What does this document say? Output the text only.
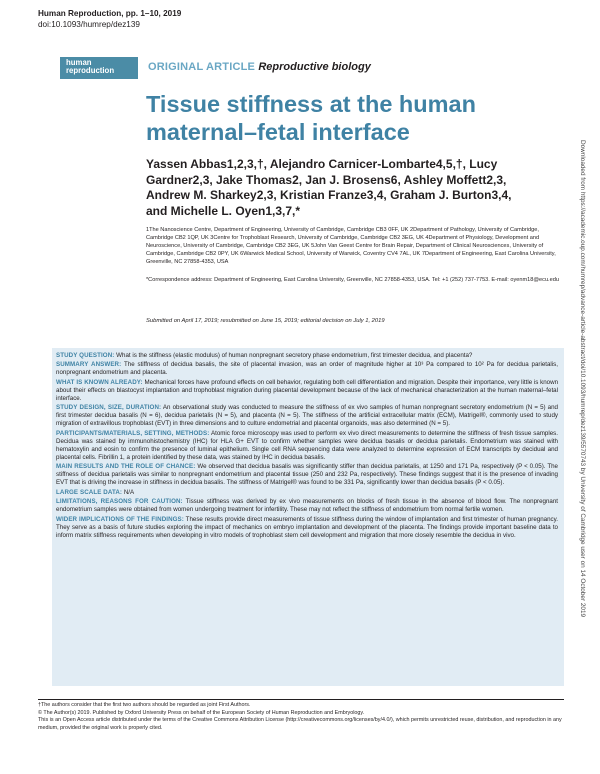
Human Reproduction, pp. 1–10, 2019
doi:10.1093/humrep/dez139
human
reproduction	ORIGINAL ARTICLE Reproductive biology
Tissue stiffness at the human maternal–fetal interface
Yassen Abbas1,2,3,†, Alejandro Carnicer-Lombarte4,5,†, Lucy Gardner2,3, Jake Thomas2, Jan J. Brosens6, Ashley Moffett2,3, Andrew M. Sharkey2,3, Kristian Franze3,4, Graham J. Burton3,4, and Michelle L. Oyen1,3,7,*
1The Nanoscience Centre, Department of Engineering, University of Cambridge, Cambridge CB3 0FF, UK 2Department of Pathology, University of Cambridge, Cambridge CB2 1QP, UK 3Centre for Trophoblast Research, University of Cambridge, Cambridge CB2 3EG, UK 4Department of Physiology, Development and Neuroscience, University of Cambridge, Cambridge CB2 3EG, UK 5John Van Geest Centre for Brain Repair, Department of Clinical Neurosciences, University of Cambridge, Cambridge CB2 0PY, UK 6Warwick Medical School, University of Warwick, Coventry CV4 7AL, UK 7Department of Engineering, East Carolina University, Greenville, NC 27858-4353, USA
*Correspondence address: Department of Engineering, East Carolina University, Greenville, NC 27858-4353, USA. Tel: +1 (252) 737-7753. E-mail: oyenm18@ecu.edu
Submitted on April 17, 2019; resubmitted on June 15, 2019; editorial decision on July 1, 2019

STUDY QUESTION: What is the stiffness (elastic modulus) of human nonpregnant secretory phase endometrium, first trimester decidua, and placenta?

SUMMARY ANSWER: The stiffness of decidua basalis, the site of placental invasion, was an order of magnitude higher at 10³ Pa compared to 10² Pa for decidua parietalis, nonpregnant endometrium and placenta.

WHAT IS KNOWN ALREADY: Mechanical forces have profound effects on cell behavior, regulating both cell differentiation and migration. Despite their importance, very little is known about their effects on blastocyst implantation and trophoblast migration during placental development because of the lack of mechanical characterization at the human maternal–fetal interface.

STUDY DESIGN, SIZE, DURATION: An observational study was conducted to measure the stiffness of ex vivo samples of human nonpregnant secretory endometrium (N = 5) and first trimester decidua basalis (N = 6), decidua parietalis (N = 5), and placenta (N = 5). The stiffness of the artificial extracellular matrix (ECM), Matrigel®, commonly used to study migration of extravillous trophoblast (EVT) in three dimensions and to culture endometrial and placental organoids, was also determined (N = 5).

PARTICIPANTS/MATERIALS, SETTING, METHODS: Atomic force microscopy was used to perform ex vivo direct measurements to determine the stiffness of fresh tissue samples. Decidua was stained by immunohistochemistry (IHC) for HLA G+ EVT to confirm whether samples were decidua basalis or decidua parietalis. Endometrium was stained with hematoxylin and eosin to confirm the presence of luminal epithelium. Single cell RNA sequencing data were analyzed to determine expression of ECM transcripts by decidual and placental cells. Fibrillin 1, a protein identified by these data, was stained by IHC in decidua basalis.

MAIN RESULTS AND THE ROLE OF CHANCE: We observed that decidua basalis was significantly stiffer than decidua parietalis, at 1250 and 171 Pa, respectively (P < 0.05). The stiffness of decidua parietalis was similar to nonpregnant endometrium and placental tissue (250 and 232 Pa, respectively). These findings suggest that it is the presence of invading EVT that is driving the increase in stiffness in decidua basalis. The stiffness of Matrigel® was found to be 331 Pa, significantly lower than decidua basalis (P < 0.05).

LARGE SCALE DATA: N/A

LIMITATIONS, REASONS FOR CAUTION: Tissue stiffness was derived by ex vivo measurements on blocks of fresh tissue in the absence of blood flow. The nonpregnant endometrium samples were obtained from women undergoing treatment for infertility. These may not reflect the stiffness of endometrium from normal fertile women.

WIDER IMPLICATIONS OF THE FINDINGS: These results provide direct measurements of tissue stiffness during the window of implantation and first trimester of human pregnancy. They serve as a basis of future studies exploring the impact of mechanics on embryo implantation and development of the placenta. The findings provide important baseline data to inform matrix stiffness requirements when developing in vitro models of trophoblast stem cell development and migration that more closely resemble the decidua in vivo.

†The authors consider that the first two authors should be regarded as joint First Authors.
© The Author(s) 2019. Published by Oxford University Press on behalf of the European Society of Human Reproduction and Embryology.
This is an Open Access article distributed under the terms of the Creative Commons Attribution License (http://creativecommons.org/licenses/by/4.0/), which permits unrestricted reuse, distribution, and reproduction in any medium, provided the original work is properly cited.
Downloaded from https://academic.oup.com/humrep/advance-article-abstract/doi/10.1093/humrep/dez139/5570743 by University of Cambridge user on 14 October 2019
